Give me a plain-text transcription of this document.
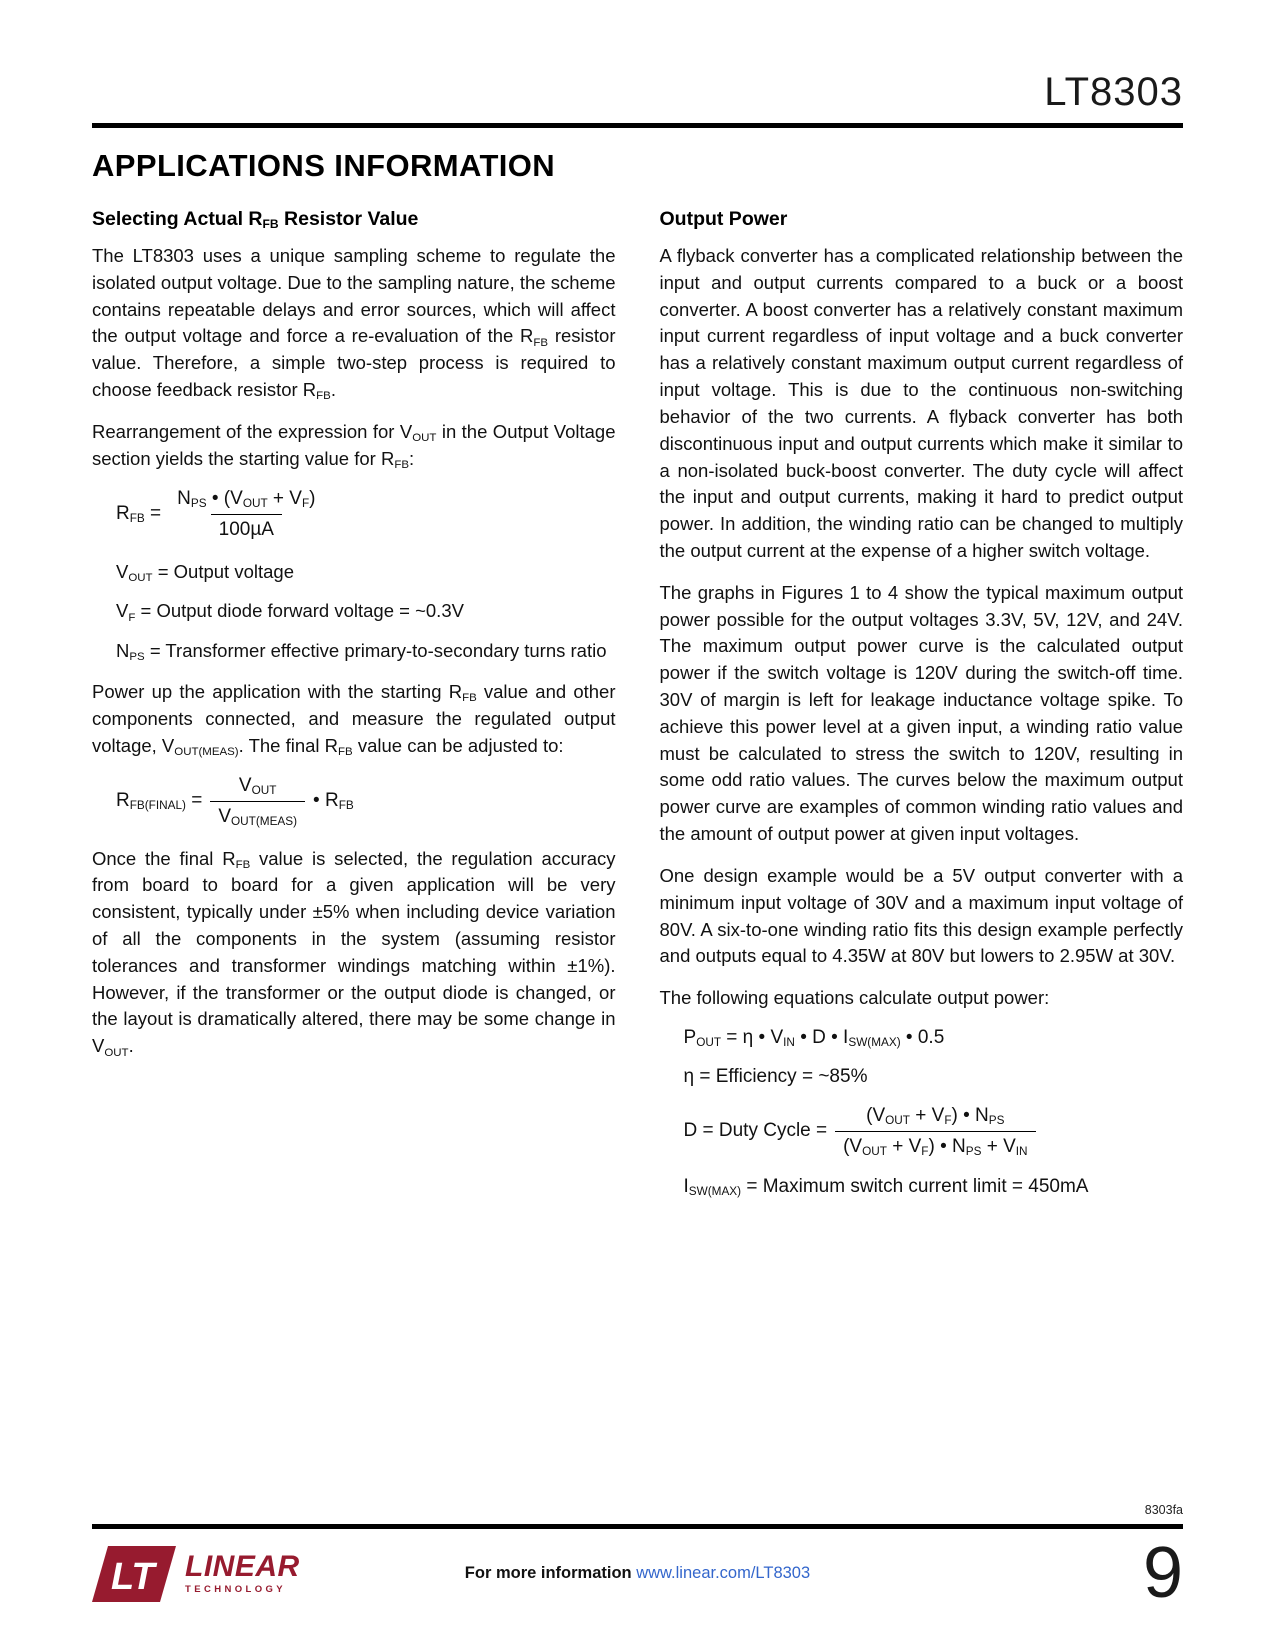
LT8303
APPLICATIONS INFORMATION
Selecting Actual $R_{FB}$ Resistor Value

The LT8303 uses a unique sampling scheme to regulate the isolated output voltage. Due to the sampling nature, the scheme contains repeatable delays and error sources, which will affect the output voltage and force a re-evaluation of the $R_{FB}$ resistor value. Therefore, a simple two-step process is required to choose feedback resistor $R_{FB}$.

Rearrangement of the expression for $V_{OUT}$ in the Output Voltage section yields the starting value for $R_{FB}$:

$R_{FB} = \frac{N_{PS} • (V_{OUT} + V_F)}{\text{100µA}}$
$V_{OUT}$ = Output voltage
$V_F$ = Output diode forward voltage = ~0.3V
$N_{PS}$ = Transformer effective primary-to-secondary turns ratio

Power up the application with the starting $R_{FB}$ value and other components connected, and measure the regulated output voltage, $V_{OUT(MEAS)}$. The final $R_{FB}$ value can be adjusted to:

$R_{FB(FINAL)} = \frac{V_{OUT}}{V_{OUT(MEAS)}}$ • $R_{FB}$

Once the final $R_{FB}$ value is selected, the regulation accuracy from board to board for a given application will be very consistent, typically under ±5% when including device variation of all the components in the system (assuming resistor tolerances and transformer windings matching within ±1%). However, if the transformer or the output diode is changed, or the layout is dramatically altered, there may be some change in $V_{OUT}$.

Output Power

A flyback converter has a complicated relationship between the input and output currents compared to a buck or a boost converter. A boost converter has a relatively constant maximum input current regardless of input voltage and a buck converter has a relatively constant maximum output current regardless of input voltage. This is due to the continuous non-switching behavior of the two currents. A flyback converter has both discontinuous input and output currents which make it similar to a non-isolated buck-boost converter. The duty cycle will affect the input and output currents, making it hard to predict output power. In addition, the winding ratio can be changed to multiply the output current at the expense of a higher switch voltage.

The graphs in Figures 1 to 4 show the typical maximum output power possible for the output voltages 3.3V, 5V, 12V, and 24V. The maximum output power curve is the calculated output power if the switch voltage is 120V during the switch-off time. 30V of margin is left for leakage inductance voltage spike. To achieve this power level at a given input, a winding ratio value must be calculated to stress the switch to 120V, resulting in some odd ratio values. The curves below the maximum output power curve are examples of common winding ratio values and the amount of output power at given input voltages.

One design example would be a 5V output converter with a minimum input voltage of 30V and a maximum input voltage of 80V. A six-to-one winding ratio fits this design example perfectly and outputs equal to 4.35W at 80V but lowers to 2.95W at 30V.

The following equations calculate output power:

$P_{OUT} = \eta$ • $V_{IN}$ • D • $I_{SW(MAX)}$ • 0.5
η = Efficiency = ~85%
D = Duty Cycle = $\frac{(V_{OUT} + V_F) • N_{PS}}{(V_{OUT} + V_F) • N_{PS} + V_{IN}}$
$I_{SW(MAX)}$ = Maximum switch current limit = 450mA
8303fa
LT LINEAR
TECHNOLOGY
For more information www.linear.com/LT8303	9
